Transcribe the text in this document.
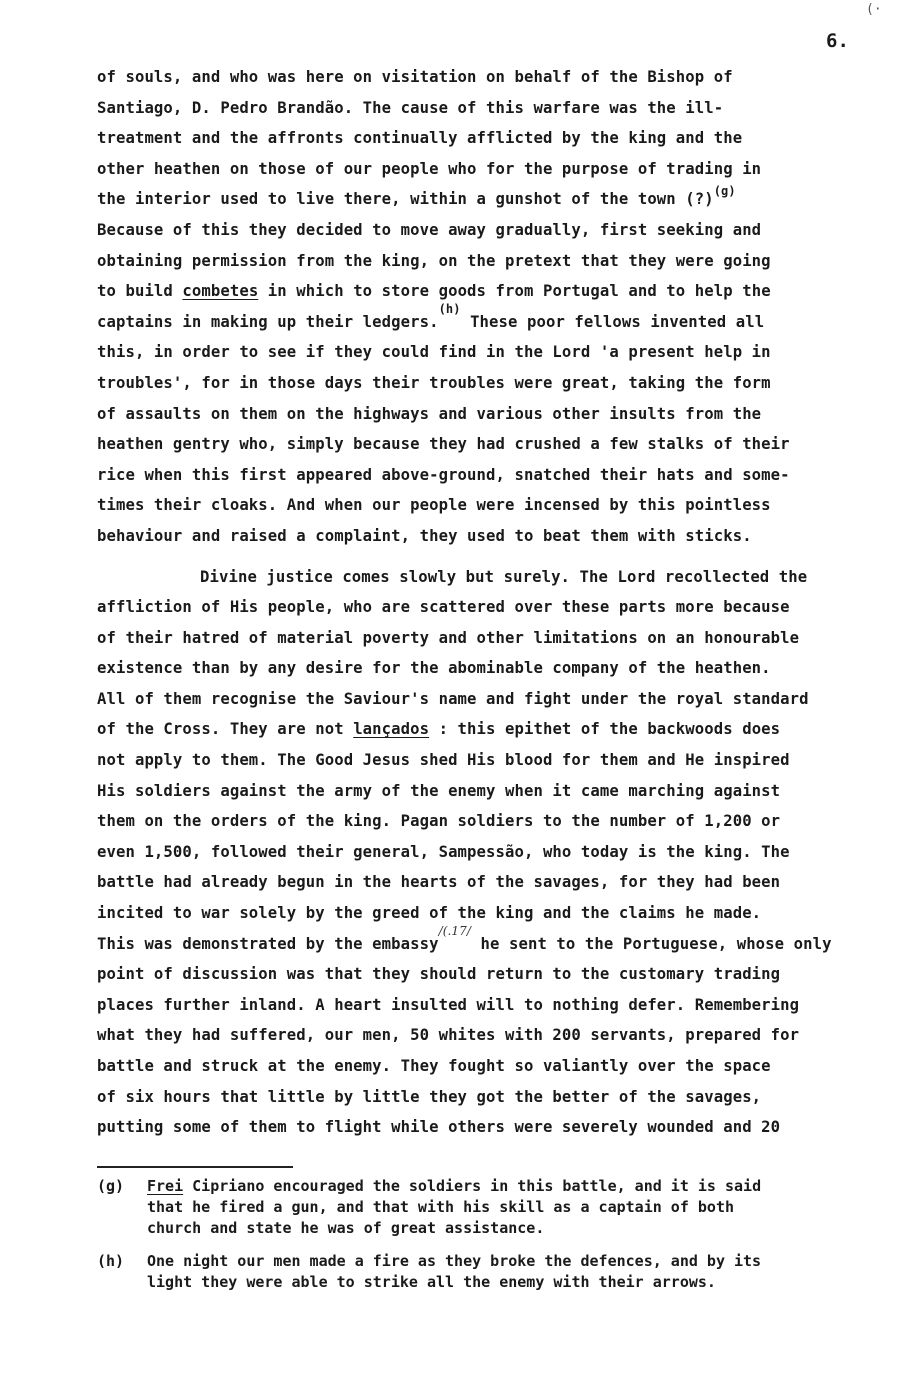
(·
6.
of souls, and who was here on visitation on behalf of the Bishop of
Santiago, D. Pedro Brandão. The cause of this warfare was the ill-
treatment and the affronts continually afflicted by the king and the
other heathen on those of our people who for the purpose of trading in
the interior used to live there, within a gunshot of the town (?)$^{(g)}$
Because of this they decided to move away gradually, first seeking and
obtaining permission from the king, on the pretext that they were going
to build combetes in which to store goods from Portugal and to help the
captains in making up their ledgers.$^{(h)}$ These poor fellows invented all
this, in order to see if they could find in the Lord 'a present help in
troubles', for in those days their troubles were great, taking the form
of assaults on them on the highways and various other insults from the
heathen gentry who, simply because they had crushed a few stalks of their
rice when this first appeared above-ground, snatched their hats and some-
times their cloaks. And when our people were incensed by this pointless
behaviour and raised a complaint, they used to beat them with sticks.
Divine justice comes slowly but surely. The Lord recollected the
affliction of His people, who are scattered over these parts more because
of their hatred of material poverty and other limitations on an honourable
existence than by any desire for the abominable company of the heathen.
All of them recognise the Saviour's name and fight under the royal standard
of the Cross. They are not lançados : this epithet of the backwoods does
not apply to them. The Good Jesus shed His blood for them and He inspired
His soldiers against the army of the enemy when it came marching against
them on the orders of the king. Pagan soldiers to the number of 1,200 or
even 1,500, followed their general, Sampessão, who today is the king. The
battle had already begun in the hearts of the savages, for they had been
incited to war solely by the greed of the king and the claims he made.
This was demonstrated by the embassy$^{/(.17/}$ he sent to the Portuguese, whose only
point of discussion was that they should return to the customary trading
places further inland. A heart insulted will to nothing defer. Remembering
what they had suffered, our men, 50 whites with 200 servants, prepared for
battle and struck at the enemy. They fought so valiantly over the space
of six hours that little by little they got the better of the savages,
putting some of them to flight while others were severely wounded and 20
(g)	Frei Cipriano encouraged the soldiers in this battle, and it is said
that he fired a gun, and that with his skill as a captain of both
church and state he was of great assistance.
(h)	One night our men made a fire as they broke the defences, and by its
light they were able to strike all the enemy with their arrows.
